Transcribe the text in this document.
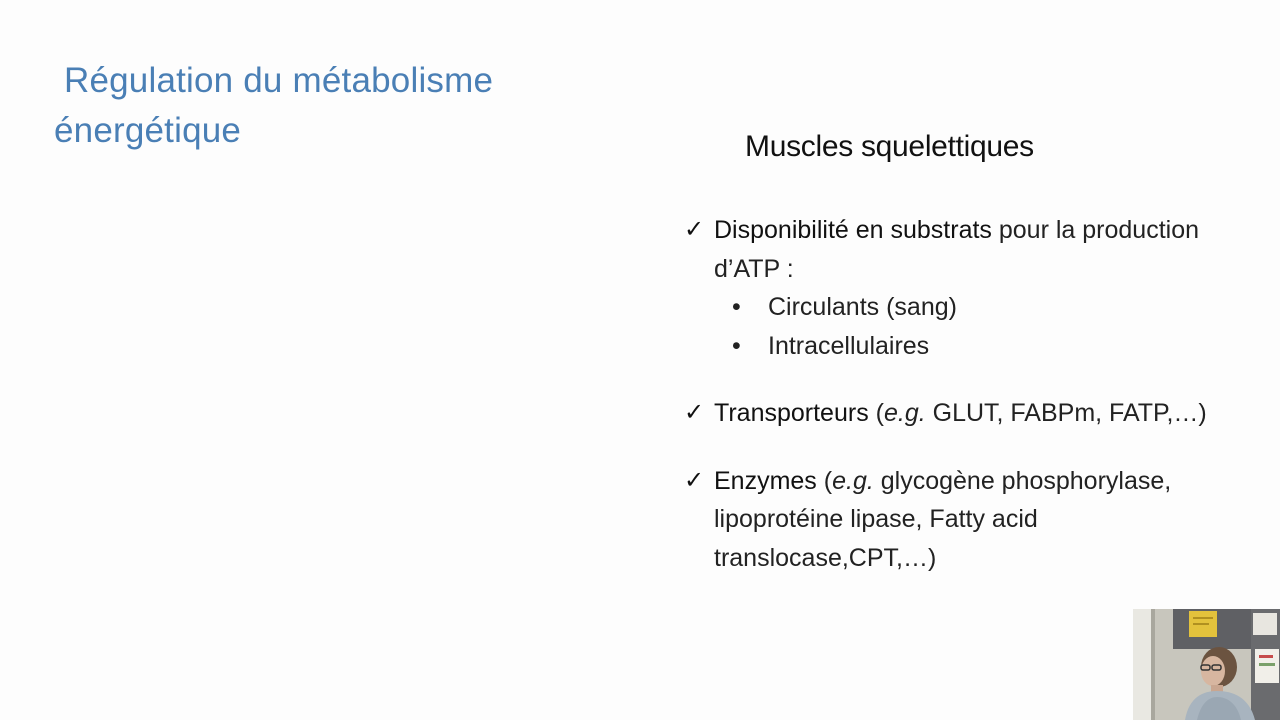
Régulation du métabolisme
énergétique	Muscles squelettiques
✓ Disponibilité en substrats pour la production d’ATP :
• Circulants (sang)
• Intracellulaires
✓ Transporteurs (e.g. GLUT, FABPm, FATP,…)
✓ Enzymes (e.g. glycogène phosphorylase, lipoprotéine lipase, Fatty acid translocase,CPT,…)
